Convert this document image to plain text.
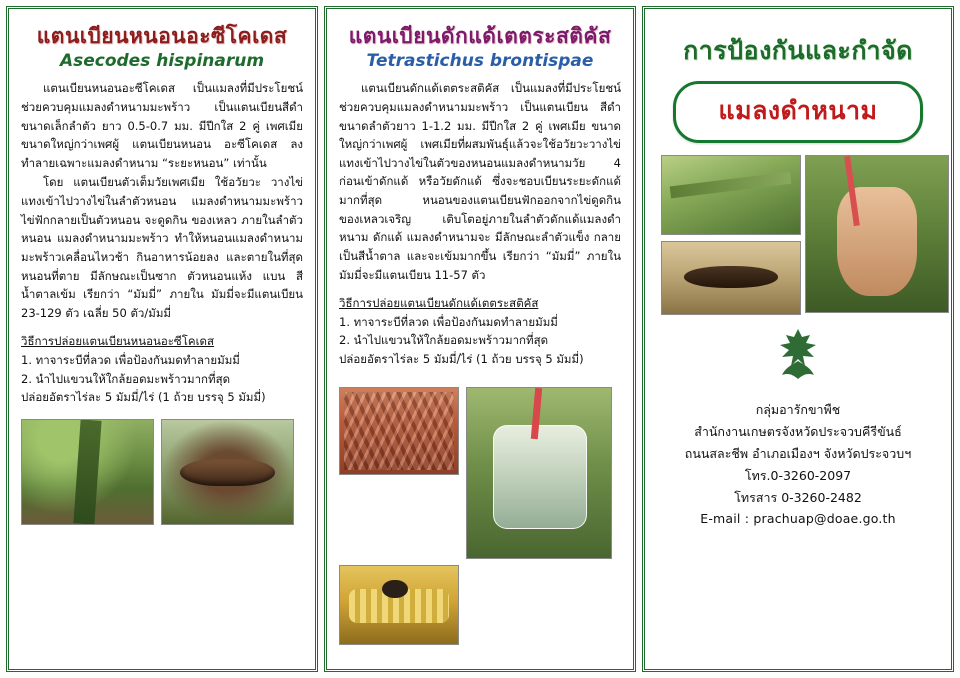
แตนเบียนหนอนอะซีโคเดส
Asecodes hispinarum

แตนเบียนหนอนอะซีโคเดส เป็นแมลงที่มีประโยชน์ช่วยควบคุมแมลงดำหนามมะพร้าว เป็นแตนเบียนสีดำ ขนาดเล็กลำตัว ยาว 0.5-0.7 มม. มีปีกใส 2 คู่ เพศเมียขนาดใหญ่กว่าเพศผู้ แตนเบียนหนอน อะซีโคเดส ลงทำลายเฉพาะแมลงดำหนาม “ระยะหนอน” เท่านั้น

โดย แตนเบียนตัวเต็มวัยเพศเมีย ใช้อวัยวะ วางไข่แทงเข้าไปวางไข่ในลำตัวหนอน แมลงดำหนามมะพร้าว ไข่ฟักกลายเป็นตัวหนอน จะดูดกิน ของเหลว ภายในลำตัวหนอน แมลงดำหนามมะพร้าว ทำให้หนอนแมลงดำหนามมะพร้าวเคลื่อนไหวช้า กินอาหารน้อยลง และตายในที่สุด หนอนที่ตาย มีลักษณะเป็นซาก ตัวหนอนแห้ง แบน สีน้ำตาลเข้ม เรียกว่า “มัมมี่” ภายใน มัมมี่จะมีแตนเบียน 23-129 ตัว เฉลี่ย 50 ตัว/มัมมี่

วิธีการปล่อยแตนเบียนหนอนอะซีโคเดส

1. ทาจาระบีที่ลวด เพื่อป้องกันมดทำลายมัมมี่

2. นำไปแขวนให้ใกล้ยอดมะพร้าวมากที่สุด

ปล่อยอัตราไร่ละ 5 มัมมี่/ไร่ (1 ถ้วย บรรจุ 5 มัมมี่)

แตนเบียนดักแด้เตตระสติคัส
Tetrastichus brontispae

แตนเบียนดักแด้เตตระสติคัส เป็นแมลงที่มีประโยชน์ช่วยควบคุมแมลงดำหนามมะพร้าว เป็นแตนเบียน สีดำ ขนาดลำตัวยาว 1-1.2 มม. มีปีกใส 2 คู่ เพศเมีย ขนาดใหญ่กว่าเพศผู้ เพศเมียที่ผสมพันธุ์แล้วจะใช้อวัยวะวางไข่แทงเข้าไปวางไข่ในตัวของหนอนแมลงดำหนามวัย 4 ก่อนเข้าดักแด้ หรือวัยดักแด้ ซึ่งจะชอบเบียนระยะดักแด้มากที่สุด หนอนของแตนเบียนฟักออกจากไข่ดูดกินของเหลวเจริญ เติบโตอยู่ภายในลำตัวดักแด้แมลงดำหนาม ดักแด้ แมลงดำหนามจะ มีลักษณะลำตัวแข็ง กลายเป็นสีน้ำตาล และจะเข้มมากขึ้น เรียกว่า “มัมมี่” ภายในมัมมี่จะมีแตนเบียน 11-57 ตัว

วิธีการปล่อยแตนเบียนดักแด้เตตระสติคัส

1. ทาจาระบีที่ลวด เพื่อป้องกันมดทำลายมัมมี่

2. นำไปแขวนให้ใกล้ยอดมะพร้าวมากที่สุด

ปล่อยอัตราไร่ละ 5 มัมมี่/ไร่ (1 ถ้วย บรรจุ 5 มัมมี่)

การป้องกันและกำจัด
แมลงดำหนาม
กลุ่มอารักขาพืช
สำนักงานเกษตรจังหวัดประจวบคีรีขันธ์
ถนนสละชีพ อำเภอเมืองฯ จังหวัดประจวบฯ
โทร.0-3260-2097
โทรสาร 0-3260-2482
E-mail : prachuap@doae.go.th
